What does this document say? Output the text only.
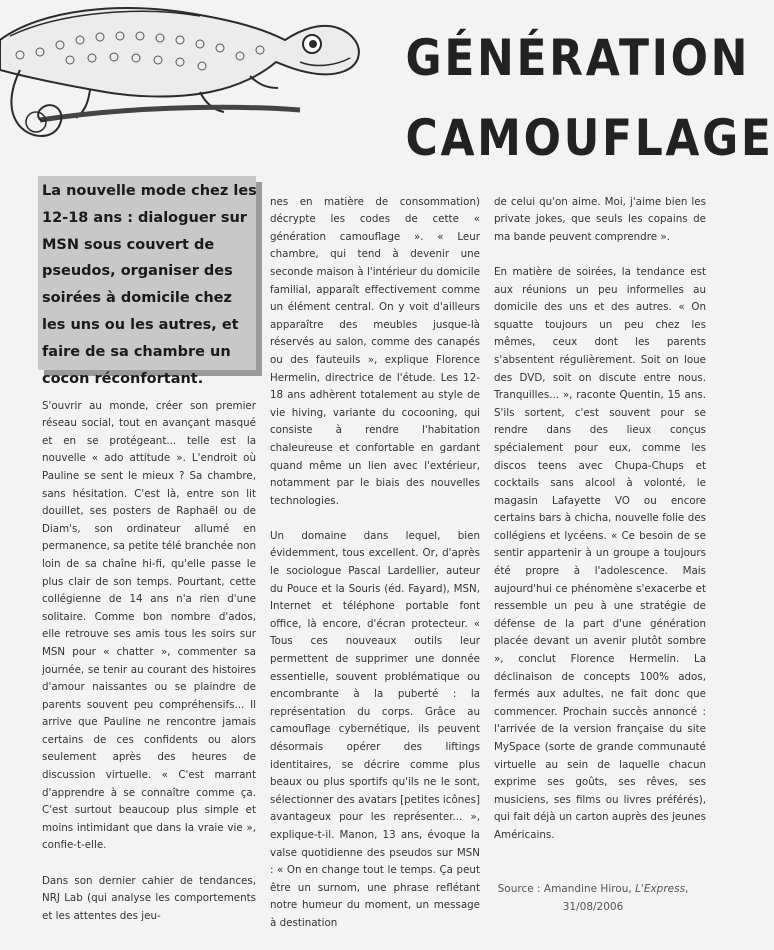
GÉNÉRATION
CAMOUFLAGE
La nouvelle mode chez les 12-18 ans : dialoguer sur MSN sous couvert de pseudos, organiser des soirées à domicile chez les uns ou les autres, et faire de sa chambre un cocon réconfortant.

S'ouvrir au monde, créer son premier réseau social, tout en avançant masqué et en se protégeant... telle est la nouvelle « ado attitude ». L'endroit où Pauline se sent le mieux ? Sa chambre, sans hésitation. C'est là, entre son lit douillet, ses posters de Raphaël ou de Diam's, son ordinateur allumé en permanence, sa petite télé branchée non loin de sa chaîne hi-fi, qu'elle passe le plus clair de son temps. Pourtant, cette collégienne de 14 ans n'a rien d'une solitaire. Comme bon nombre d'ados, elle retrouve ses amis tous les soirs sur MSN pour « chatter », commenter sa journée, se tenir au courant des histoires d'amour naissantes ou se plaindre de parents souvent peu compréhensifs... Il arrive que Pauline ne rencontre jamais certains de ces confidents ou alors seulement après des heures de discussion virtuelle. « C'est marrant d'apprendre à se connaître comme ça. C'est surtout beaucoup plus simple et moins intimidant que dans la vraie vie », confie-t-elle.

Dans son dernier cahier de tendances, NRJ Lab (qui analyse les comportements et les attentes des jeu-

nes en matière de consommation) décrypte les codes de cette « génération camouflage ». « Leur chambre, qui tend à devenir une seconde maison à l'intérieur du domicile familial, apparaît effectivement comme un élément central. On y voit d'ailleurs apparaître des meubles jusque-là réservés au salon, comme des canapés ou des fauteuils », explique Florence Hermelin, directrice de l'étude. Les 12-18 ans adhèrent totalement au style de vie hiving, variante du cocooning, qui consiste à rendre l'habitation chaleureuse et confortable en gardant quand même un lien avec l'extérieur, notamment par le biais des nouvelles technologies.

Un domaine dans lequel, bien évidemment, tous excellent. Or, d'après le sociologue Pascal Lardellier, auteur du Pouce et la Souris (éd. Fayard), MSN, Internet et téléphone portable font office, là encore, d'écran protecteur. « Tous ces nouveaux outils leur permettent de supprimer une donnée essentielle, souvent problématique ou encombrante à la puberté : la représentation du corps. Grâce au camouflage cybernétique, ils peuvent désormais opérer des liftings identitaires, se décrire comme plus beaux ou plus sportifs qu'ils ne le sont, sélectionner des avatars [petites icônes] avantageux pour les représenter... », explique-t-il. Manon, 13 ans, évoque la valse quotidienne des pseudos sur MSN : « On en change tout le temps. Ça peut être un surnom, une phrase reflétant notre humeur du moment, un message à destination

de celui qu'on aime. Moi, j'aime bien les private jokes, que seuls les copains de ma bande peuvent comprendre ».

En matière de soirées, la tendance est aux réunions un peu informelles au domicile des uns et des autres. « On squatte toujours un peu chez les mêmes, ceux dont les parents s'absentent régulièrement. Soit on loue des DVD, soit on discute entre nous. Tranquilles... », raconte Quentin, 15 ans. S'ils sortent, c'est souvent pour se rendre dans des lieux conçus spécialement pour eux, comme les discos teens avec Chupa-Chups et cocktails sans alcool à volonté, le magasin Lafayette VO ou encore certains bars à chicha, nouvelle folie des collégiens et lycéens. « Ce besoin de se sentir appartenir à un groupe a toujours été propre à l'adolescence. Mais aujourd'hui ce phénomène s'exacerbe et ressemble un peu à une stratégie de défense de la part d'une génération placée devant un avenir plutôt sombre », conclut Florence Hermelin. La déclinaison de concepts 100% ados, fermés aux adultes, ne fait donc que commencer. Prochain succès annoncé : l'arrivée de la version française du site MySpace (sorte de grande communauté virtuelle au sein de laquelle chacun exprime ses goûts, ses rêves, ses musiciens, ses films ou livres préférés), qui fait déjà un carton auprès des jeunes Américains.

Source : Amandine Hirou, L'Express,
31/08/2006
